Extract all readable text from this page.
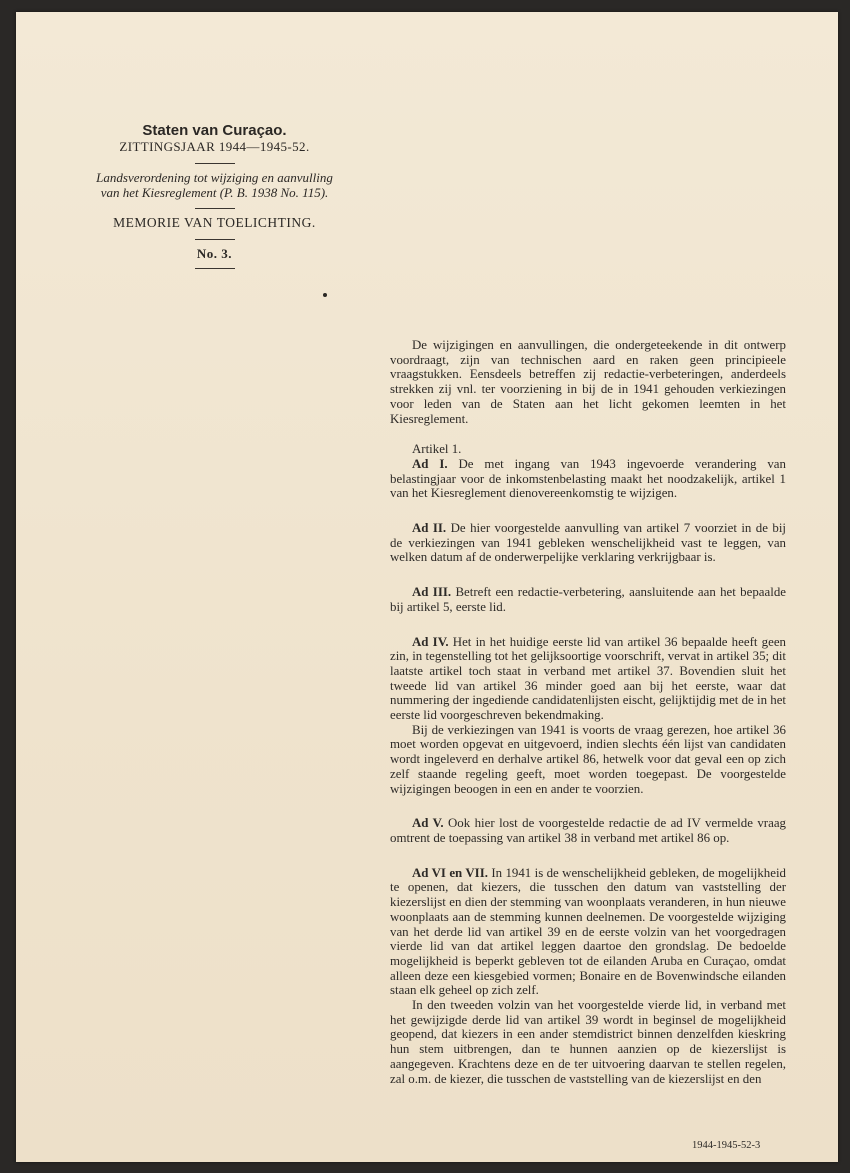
Staten van Curaçao.
ZITTINGSJAAR 1944—1945-52.
Landsverordening tot wijziging en aanvulling
van het Kiesreglement (P. B. 1938 No. 115).
MEMORIE VAN TOELICHTING.
No. 3.

De wijzigingen en aanvullingen, die ondergeteekende in dit ontwerp voordraagt, zijn van technischen aard en raken geen principieele vraagstukken. Eensdeels betreffen zij redactie-verbeteringen, anderdeels strekken zij vnl. ter voorziening in bij de in 1941 gehouden verkiezingen voor leden van de Staten aan het licht gekomen leemten in het Kiesreglement.

Artikel 1.

Ad I. De met ingang van 1943 ingevoerde verandering van belastingjaar voor de inkomstenbelasting maakt het noodzakelijk, artikel 1 van het Kiesreglement dienovereenkomstig te wijzigen.

Ad II. De hier voorgestelde aanvulling van artikel 7 voorziet in de bij de verkiezingen van 1941 gebleken wenschelijkheid vast te leggen, van welken datum af de onderwerpelijke verklaring verkrijgbaar is.

Ad III. Betreft een redactie-verbetering, aansluitende aan het bepaalde bij artikel 5, eerste lid.

Ad IV. Het in het huidige eerste lid van artikel 36 bepaalde heeft geen zin, in tegenstelling tot het gelijksoortige voorschrift, vervat in artikel 35; dit laatste artikel toch staat in verband met artikel 37. Bovendien sluit het tweede lid van artikel 36 minder goed aan bij het eerste, waar dat nummering der ingediende candidatenlijsten eischt, gelijktijdig met de in het eerste lid voorgeschreven bekendmaking.

Bij de verkiezingen van 1941 is voorts de vraag gerezen, hoe artikel 36 moet worden opgevat en uitgevoerd, indien slechts één lijst van candidaten wordt ingeleverd en derhalve artikel 86, hetwelk voor dat geval een op zich zelf staande regeling geeft, moet worden toegepast. De voorgestelde wijzigingen beoogen in een en ander te voorzien.

Ad V. Ook hier lost de voorgestelde redactie de ad IV vermelde vraag omtrent de toepassing van artikel 38 in verband met artikel 86 op.

Ad VI en VII. In 1941 is de wenschelijkheid gebleken, de mogelijkheid te openen, dat kiezers, die tusschen den datum van vaststelling der kiezerslijst en dien der stemming van woonplaats veranderen, in hun nieuwe woonplaats aan de stemming kunnen deelnemen. De voorgestelde wijziging van het derde lid van artikel 39 en de eerste volzin van het voorgedragen vierde lid van dat artikel leggen daartoe den grondslag. De bedoelde mogelijkheid is beperkt gebleven tot de eilanden Aruba en Curaçao, omdat alleen deze een kiesgebied vormen; Bonaire en de Bovenwindsche eilanden staan elk geheel op zich zelf.

In den tweeden volzin van het voorgestelde vierde lid, in verband met het gewijzigde derde lid van artikel 39 wordt in beginsel de mogelijkheid geopend, dat kiezers in een ander stemdistrict binnen denzelfden kieskring hun stem uitbrengen, dan te hunnen aanzien op de kiezerslijst is aangegeven. Krachtens deze en de ter uitvoering daarvan te stellen regelen, zal o.m. de kiezer, die tusschen de vaststelling van de kiezerslijst en den

1944-1945-52-3
